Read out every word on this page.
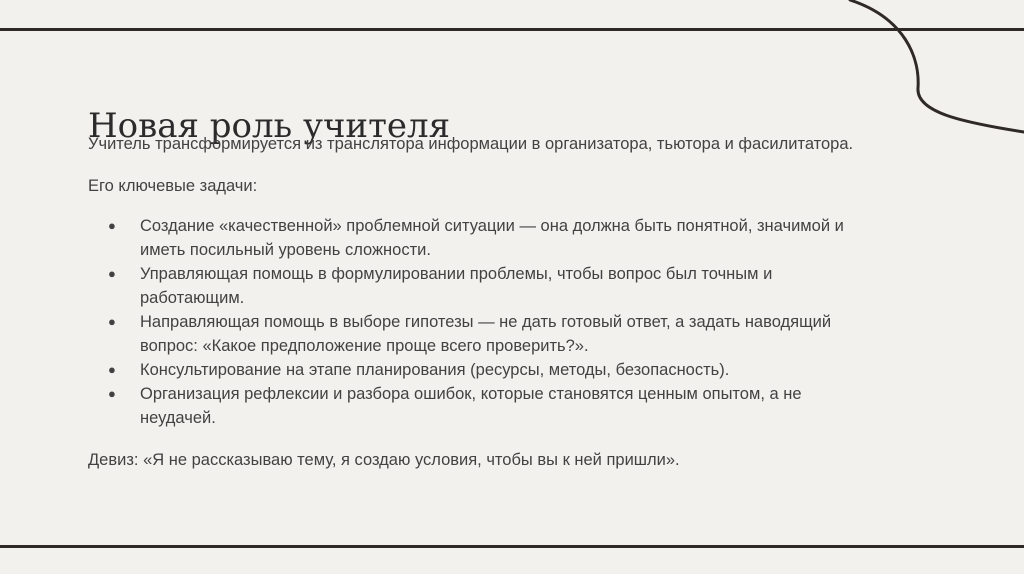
Новая роль учителя

Учитель трансформируется из транслятора информации в организатора, тьютора и фасилитатора.

Его ключевые задачи:

●	Создание «качественной» проблемной ситуации — она должна быть понятной, значимой и иметь посильный уровень сложности.
●	Управляющая помощь в формулировании проблемы, чтобы вопрос был точным и работающим.
●	Направляющая помощь в выборе гипотезы — не дать готовый ответ, а задать наводящий вопрос: «Какое предположение проще всего проверить?».
●	Консультирование на этапе планирования (ресурсы, методы, безопасность).
●	Организация рефлексии и разбора ошибок, которые становятся ценным опытом, а не неудачей.

Девиз: «Я не рассказываю тему, я создаю условия, чтобы вы к ней пришли».
